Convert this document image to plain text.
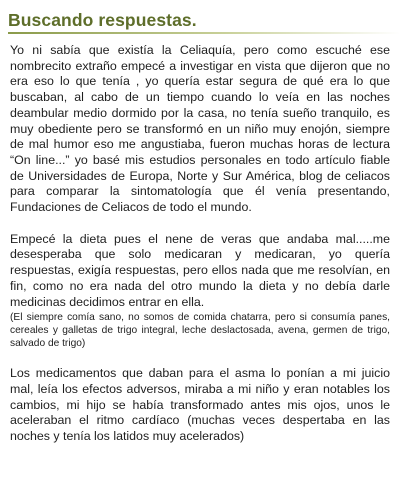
Buscando respuestas.

Yo ni sabía que existía la Celiaquía, pero como escuché ese nombrecito extraño empecé a investigar en vista que dijeron que no era eso lo que tenía , yo quería estar segura de qué era lo que buscaban, al cabo de un tiempo cuando lo veía en las noches deambular medio dormido por la casa, no tenía sueño tranquilo, es muy obediente pero se transformó en un niño muy enojón, siempre de mal humor eso me angustiaba, fueron muchas horas de lectura “On line...” yo basé mis estudios personales en todo artículo fiable de Universidades de Europa, Norte y Sur América, blog de celiacos para comparar la sintomatología que él venía presentando, Fundaciones de Celiacos de todo el mundo.

Empecé la dieta pues el nene de veras que andaba mal.....me desesperaba que solo medicaran y medicaran, yo quería respuestas, exigía respuestas, pero ellos nada que me resolvían, en fin, como no era nada del otro mundo la dieta y no debía darle medicinas decidimos entrar en ella.

(El siempre comía sano, no somos de comida chatarra, pero si consumía panes, cereales y galletas de trigo integral, leche deslactosada, avena, germen de trigo, salvado de trigo)

Los medicamentos que daban para el asma lo ponían a mi juicio mal, leía los efectos adversos, miraba a mi niño y eran notables los cambios, mi hijo se había transformado antes mis ojos, unos le aceleraban el ritmo cardíaco (muchas veces despertaba en las noches y tenía los latidos muy acelerados)
